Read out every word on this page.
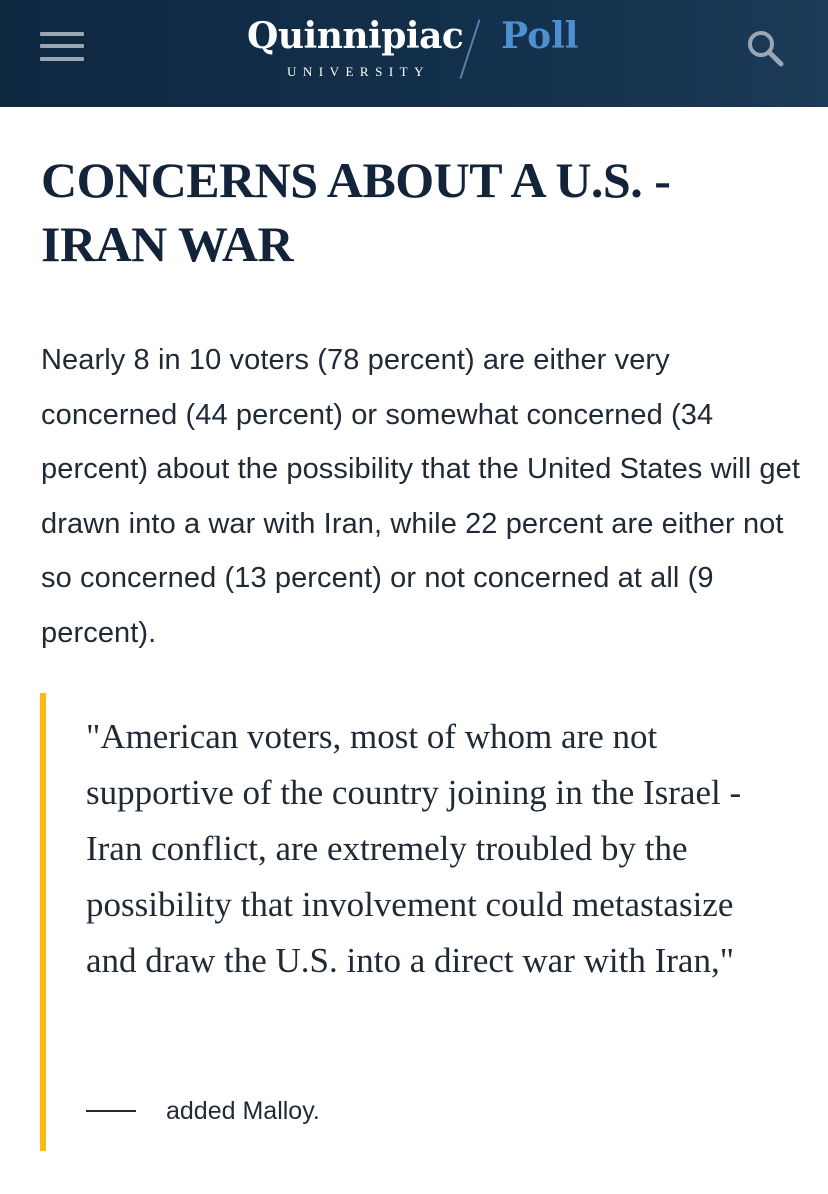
Quinnipiac
UNIVERSITY
Poll
CONCERNS ABOUT A U.S. - IRAN WAR

Nearly 8 in 10 voters (78 percent) are either very concerned (44 percent) or somewhat concerned (34 percent) about the possibility that the United States will get drawn into a war with Iran, while 22 percent are either not so concerned (13 percent) or not concerned at all (9 percent).

"American voters, most of whom are not supportive of the country joining in the Israel - Iran conflict, are extremely troubled by the possibility that involvement could metastasize and draw the U.S. into a direct war with Iran,"

added Malloy.
